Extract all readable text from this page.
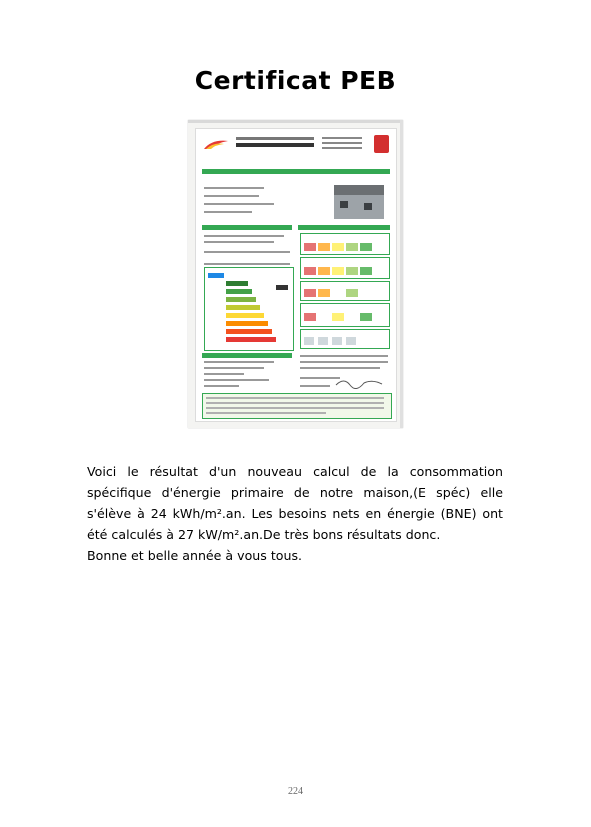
Certificat PEB

Voici le résultat d'un nouveau calcul de la consommation spécifique d'énergie primaire de notre maison,(E spéc) elle s'élève à 24 kWh/m².an. Les besoins nets en énergie (BNE) ont été calculés à 27 kW/m².an.De très bons résultats donc.

Bonne et belle année à vous tous.

224
